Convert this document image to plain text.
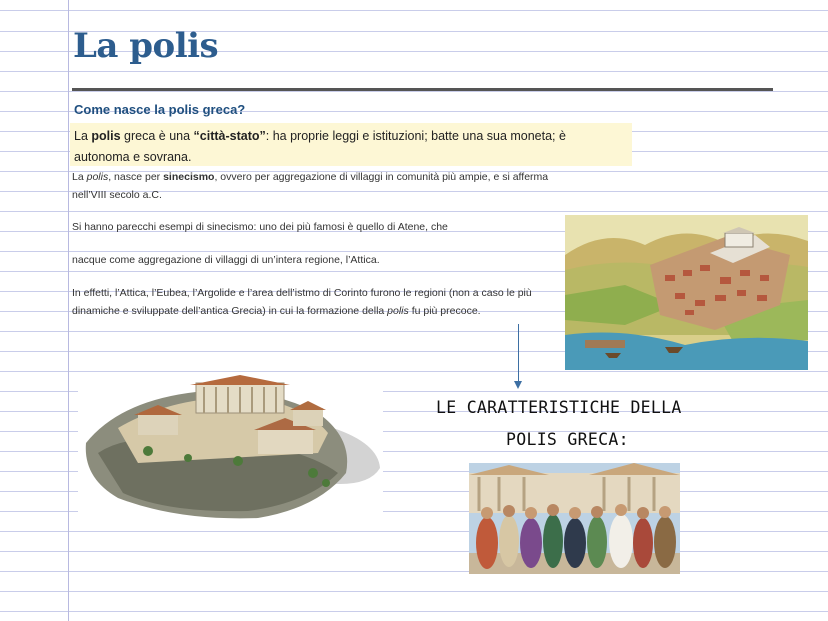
La polis
Come nasce la polis greca?
La polis greca è una “città-stato”: ha proprie leggi e istituzioni; batte una sua moneta; è autonoma e sovrana.
La polis, nasce per sinecismo, ovvero per aggregazione di villaggi in comunità più ampie, e si afferma nell’VIII secolo a.C.
Si hanno parecchi esempi di sinecismo: uno dei più famosi è quello di Atene, che
nacque come aggregazione di villaggi di un’intera regione, l’Attica.
In effetti, l’Attica, l’Eubea, l’Argolide e l’area dell’istmo di Corinto furono le regioni (non a caso le più dinamiche e sviluppate dell’antica Grecia) in cui la formazione della polis fu più precoce.
LE CARATTERISTICHE DELLA
POLIS GRECA:
